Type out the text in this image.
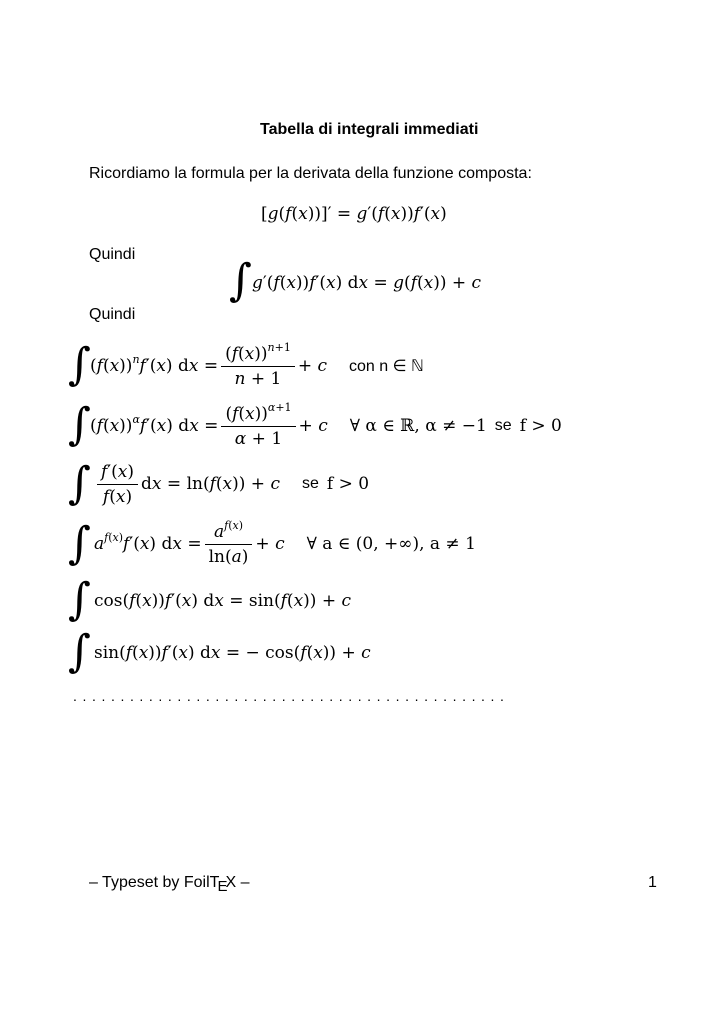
Tabella di integrali immediati
Ricordiamo la formula per la derivata della funzione composta:
[g(f(x))]′ = g′(f(x))f′(x)
Quindi
∫ g′(f(x))f′(x) dx = g(f(x)) + c
Quindi
∫ $(f(x))^nf'(x)$ dx = $\frac{(f(x))^{n+1}}{n + 1} + c$ con n ∈ ℕ
∫ $(f(x))^\alpha f'(x)$ dx = $\frac{(f(x))^{\alpha+1}}{\alpha + 1} + c$ ∀ α ∈ ℝ, α ≠ −1 se f > 0
∫ $\frac{f'(x)}{f(x)}$ dx = ln(f(x)) + c se f > 0
∫ $a^{f(x)}f'(x)$ dx = $\frac{a^{f(x)}}{\ln(a)} + c$ ∀ a ∈ (0, +∞), a ≠ 1
∫ cos(f(x))f′(x) dx = sin(f(x)) + c
∫ sin(f(x))f′(x) dx = − cos(f(x)) + c
..............................................
– Typeset by FoilTEX –	1
